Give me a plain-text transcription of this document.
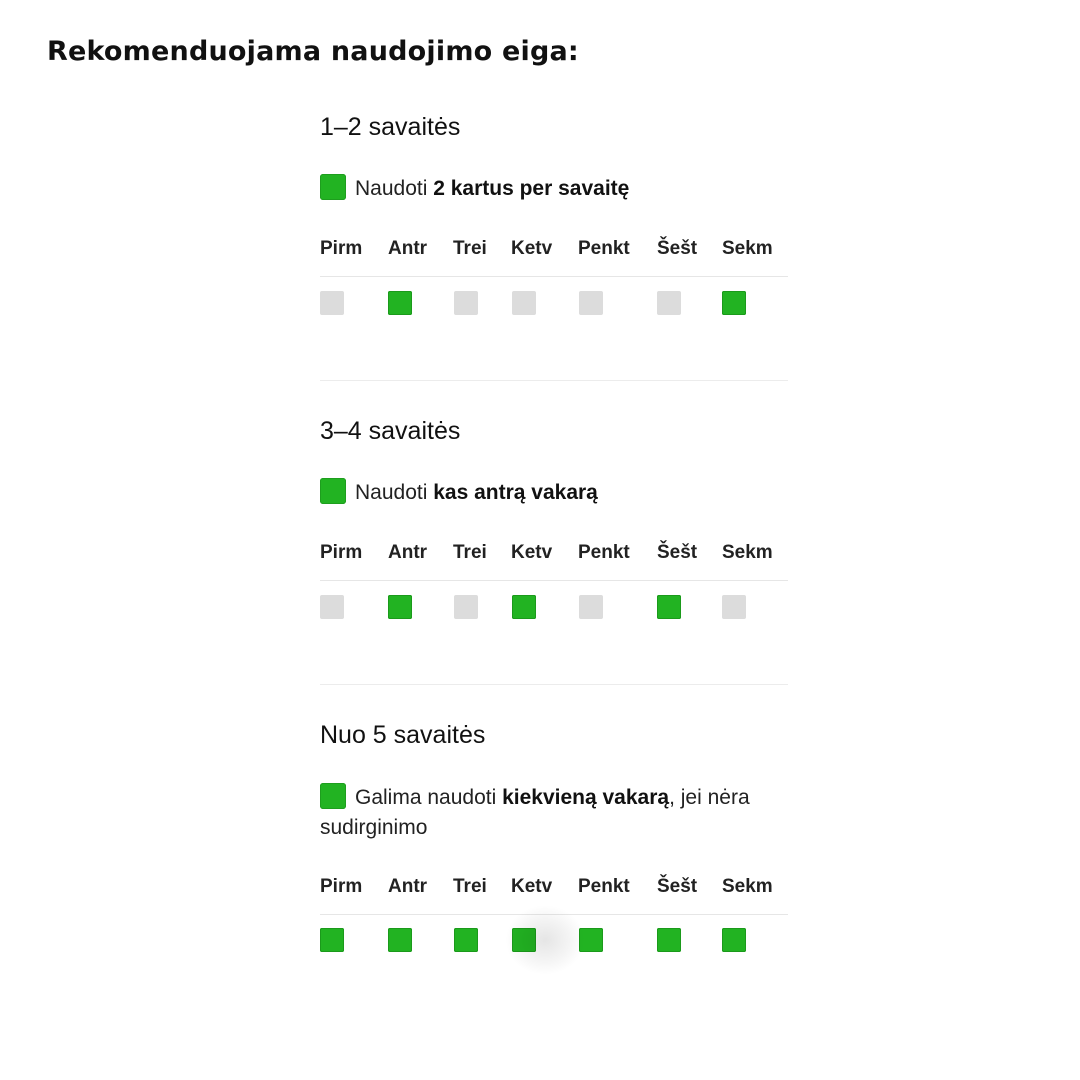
Rekomenduojama naudojimo eiga:
1–2 savaitės
Naudoti 2 kartus per savaitę
Pirm Antr Trei Ketv Penkt Šešt Sekm
3–4 savaitės
Naudoti kas antrą vakarą
Pirm Antr Trei Ketv Penkt Šešt Sekm
Nuo 5 savaitės
Galima naudoti kiekvieną vakarą, jei nėra sudirginimo
Pirm Antr Trei Ketv Penkt Šešt Sekm
